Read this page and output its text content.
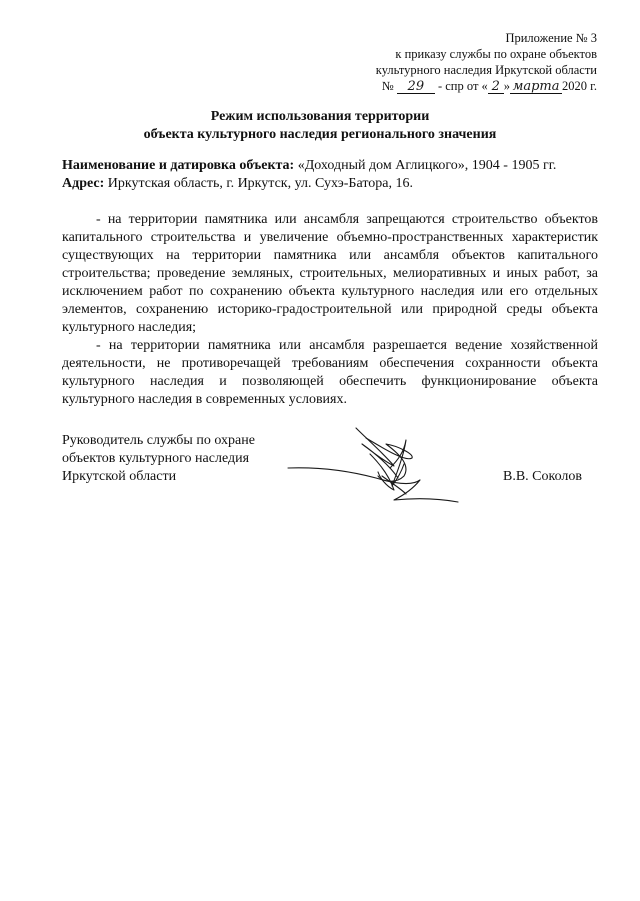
Приложение № 3
к приказу службы по охране объектов
культурного наследия Иркутской области
№ 29 - спр от « 2 » марта 2020 г.
Режим использования территории
объекта культурного наследия регионального значения
Наименование и датировка объекта: «Доходный дом Аглицкого», 1904 - 1905 гг.
Адрес: Иркутская область, г. Иркутск, ул. Сухэ-Батора, 16.

- на территории памятника или ансамбля запрещаются строительство объектов капитального строительства и увеличение объемно-пространственных характеристик существующих на территории памятника или ансамбля объектов капитального строительства; проведение земляных, строительных, мелиоративных и иных работ, за исключением работ по сохранению объекта культурного наследия или его отдельных элементов, сохранению историко-градостроительной или природной среды объекта культурного наследия;

- на территории памятника или ансамбля разрешается ведение хозяйственной деятельности, не противоречащей требованиям обеспечения сохранности объекта культурного наследия и позволяющей обеспечить функционирование объекта культурного наследия в современных условиях.

Руководитель службы по охране
объектов культурного наследия
Иркутской области	В.В. Соколов
